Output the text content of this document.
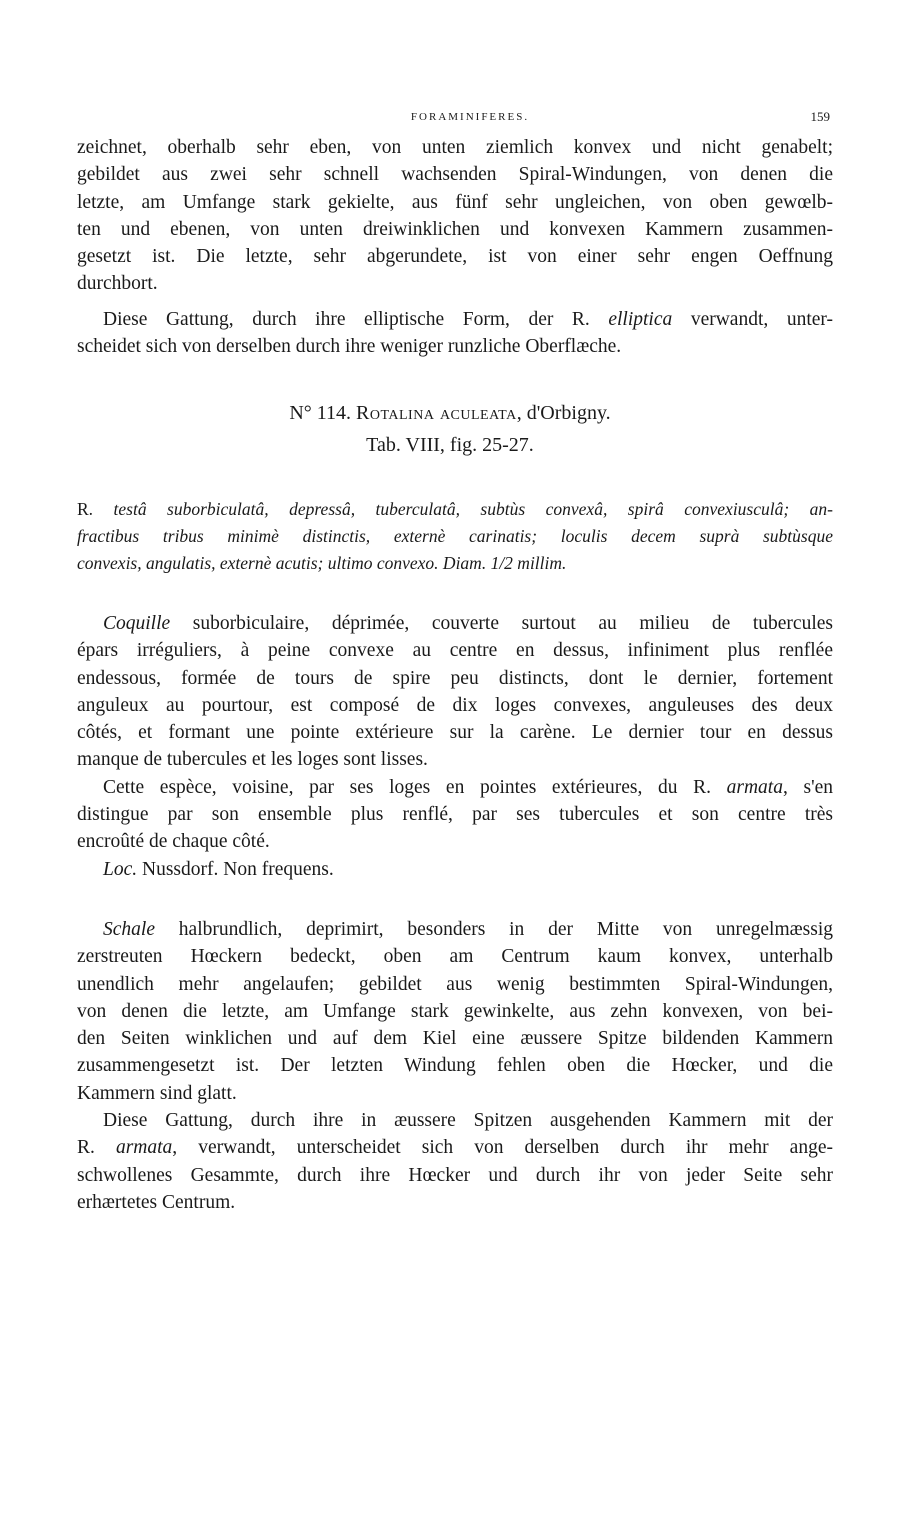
FORAMINIFERES.	159

zeichnet, oberhalb sehr eben, von unten ziemlich konvex und nicht genabelt;
gebildet aus zwei sehr schnell wachsenden Spiral-Windungen, von denen die
letzte, am Umfange stark gekielte, aus fünf sehr ungleichen, von oben gewœlb-
ten und ebenen, von unten dreiwinklichen und konvexen Kammern zusammen-
gesetzt ist. Die letzte, sehr abgerundete, ist von einer sehr engen Oeffnung
durchbort.

Diese Gattung, durch ihre elliptische Form, der R. elliptica verwandt, unter-
scheidet sich von derselben durch ihre weniger runzliche Oberflæche.

N° 114. Rotalina aculeata, d'Orbigny.
Tab. VIII, fig. 25-27.
R. testâ suborbiculatâ, depressâ, tuberculatâ, subtùs convexâ, spirâ convexiusculâ; an-
fractibus tribus minimè distinctis, externè carinatis; loculis decem suprà subtùsque
convexis, angulatis, externè acutis; ultimo convexo. Diam. 1/2 millim.

Coquille suborbiculaire, déprimée, couverte surtout au milieu de tubercules
épars irréguliers, à peine convexe au centre en dessus, infiniment plus renflée
endessous, formée de tours de spire peu distincts, dont le dernier, fortement
anguleux au pourtour, est composé de dix loges convexes, anguleuses des deux
côtés, et formant une pointe extérieure sur la carène. Le dernier tour en dessus
manque de tubercules et les loges sont lisses.
Cette espèce, voisine, par ses loges en pointes extérieures, du R. armata, s'en
distingue par son ensemble plus renflé, par ses tubercules et son centre très
encroûté de chaque côté.
Loc. Nussdorf. Non frequens.

Schale halbrundlich, deprimirt, besonders in der Mitte von unregelmæssig
zerstreuten Hœckern bedeckt, oben am Centrum kaum konvex, unterhalb
unendlich mehr angelaufen; gebildet aus wenig bestimmten Spiral-Windungen,
von denen die letzte, am Umfange stark gewinkelte, aus zehn konvexen, von bei-
den Seiten winklichen und auf dem Kiel eine æussere Spitze bildenden Kammern
zusammengesetzt ist. Der letzten Windung fehlen oben die Hœcker, und die
Kammern sind glatt.
Diese Gattung, durch ihre in æussere Spitzen ausgehenden Kammern mit der
R. armata, verwandt, unterscheidet sich von derselben durch ihr mehr ange-
schwollenes Gesammte, durch ihre Hœcker und durch ihr von jeder Seite sehr
erhærtetes Centrum.
